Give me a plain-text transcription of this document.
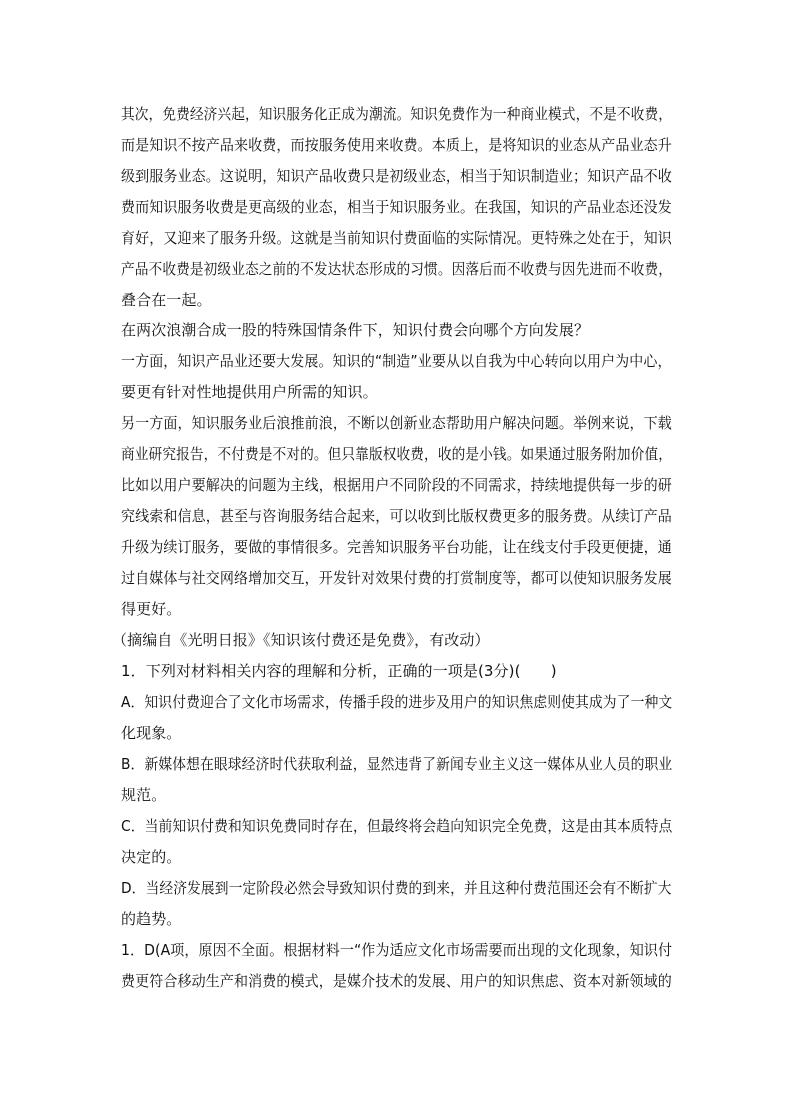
其次，免费经济兴起，知识服务化正成为潮流。知识免费作为一种商业模式，不是不收费，
而是知识不按产品来收费，而按服务使用来收费。本质上，是将知识的业态从产品业态升
级到服务业态。这说明，知识产品收费只是初级业态，相当于知识制造业；知识产品不收
费而知识服务收费是更高级的业态，相当于知识服务业。在我国，知识的产品业态还没发
育好，又迎来了服务升级。这就是当前知识付费面临的实际情况。更特殊之处在于，知识
产品不收费是初级业态之前的不发达状态形成的习惯。因落后而不收费与因先进而不收费，
叠合在一起。
在两次浪潮合成一股的特殊国情条件下，知识付费会向哪个方向发展？
一方面，知识产品业还要大发展。知识的“制造”业要从以自我为中心转向以用户为中心，
要更有针对性地提供用户所需的知识。
另一方面，知识服务业后浪推前浪，不断以创新业态帮助用户解决问题。举例来说，下载
商业研究报告，不付费是不对的。但只靠版权收费，收的是小钱。如果通过服务附加价值，
比如以用户要解决的问题为主线，根据用户不同阶段的不同需求，持续地提供每一步的研
究线索和信息，甚至与咨询服务结合起来，可以收到比版权费更多的服务费。从续订产品
升级为续订服务，要做的事情很多。完善知识服务平台功能，让在线支付手段更便捷，通
过自媒体与社交网络增加交互，开发针对效果付费的打赏制度等，都可以使知识服务发展
得更好。
（摘编自《光明日报》《知识该付费还是免费》，有改动）
1．下列对材料相关内容的理解和分析，正确的一项是(3分)(　　)
A．知识付费迎合了文化市场需求，传播手段的进步及用户的知识焦虑则使其成为了一种文
化现象。
B．新媒体想在眼球经济时代获取利益，显然违背了新闻专业主义这一媒体从业人员的职业
规范。
C．当前知识付费和知识免费同时存在，但最终将会趋向知识完全免费，这是由其本质特点
决定的。
D．当经济发展到一定阶段必然会导致知识付费的到来，并且这种付费范围还会有不断扩大
的趋势。
1．D(A项，原因不全面。根据材料一“作为适应文化市场需要而出现的文化现象，知识付
费更符合移动生产和消费的模式，是媒介技术的发展、用户的知识焦虑、资本对新领域的
